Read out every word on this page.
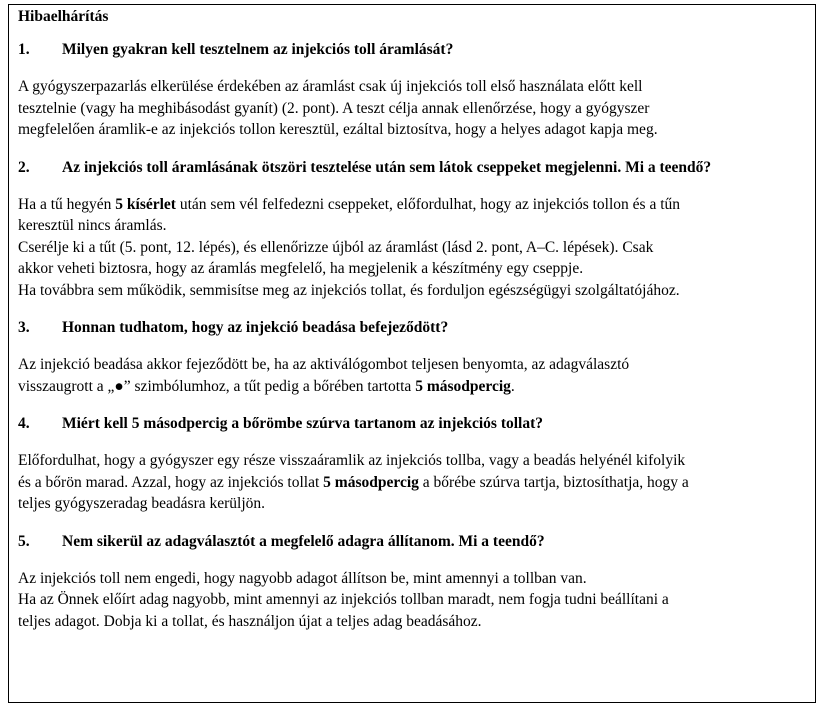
Hibaelhárítás
1.	Milyen gyakran kell tesztelnem az injekciós toll áramlását?
A gyógyszerpazarlás elkerülése érdekében az áramlást csak új injekciós toll első használata előtt kell
tesztelnie (vagy ha meghibásodást gyanít) (2. pont). A teszt célja annak ellenőrzése, hogy a gyógyszer
megfelelően áramlik-e az injekciós tollon keresztül, ezáltal biztosítva, hogy a helyes adagot kapja meg.
2.	Az injekciós toll áramlásának ötszöri tesztelése után sem látok cseppeket megjelenni. Mi a teendő?
Ha a tű hegyén 5 kísérlet után sem vél felfedezni cseppeket, előfordulhat, hogy az injekciós tollon és a tűn
keresztül nincs áramlás.
Cserélje ki a tűt (5. pont, 12. lépés), és ellenőrizze újból az áramlást (lásd 2. pont, A–C. lépések). Csak
akkor veheti biztosra, hogy az áramlás megfelelő, ha megjelenik a készítmény egy cseppje.
Ha továbbra sem működik, semmisítse meg az injekciós tollat, és forduljon egészségügyi szolgáltatójához.
3.	Honnan tudhatom, hogy az injekció beadása befejeződött?
Az injekció beadása akkor fejeződött be, ha az aktiválógombot teljesen benyomta, az adagválasztó
visszaugrott a „●” szimbólumhoz, a tűt pedig a bőrében tartotta 5 másodpercig.
4.	Miért kell 5 másodpercig a bőrömbe szúrva tartanom az injekciós tollat?
Előfordulhat, hogy a gyógyszer egy része visszaáramlik az injekciós tollba, vagy a beadás helyénél kifolyik
és a bőrön marad. Azzal, hogy az injekciós tollat 5 másodpercig a bőrébe szúrva tartja, biztosíthatja, hogy a
teljes gyógyszeradag beadásra kerüljön.
5.	Nem sikerül az adagválasztót a megfelelő adagra állítanom. Mi a teendő?
Az injekciós toll nem engedi, hogy nagyobb adagot állítson be, mint amennyi a tollban van.
Ha az Önnek előírt adag nagyobb, mint amennyi az injekciós tollban maradt, nem fogja tudni beállítani a
teljes adagot. Dobja ki a tollat, és használjon újat a teljes adag beadásához.
